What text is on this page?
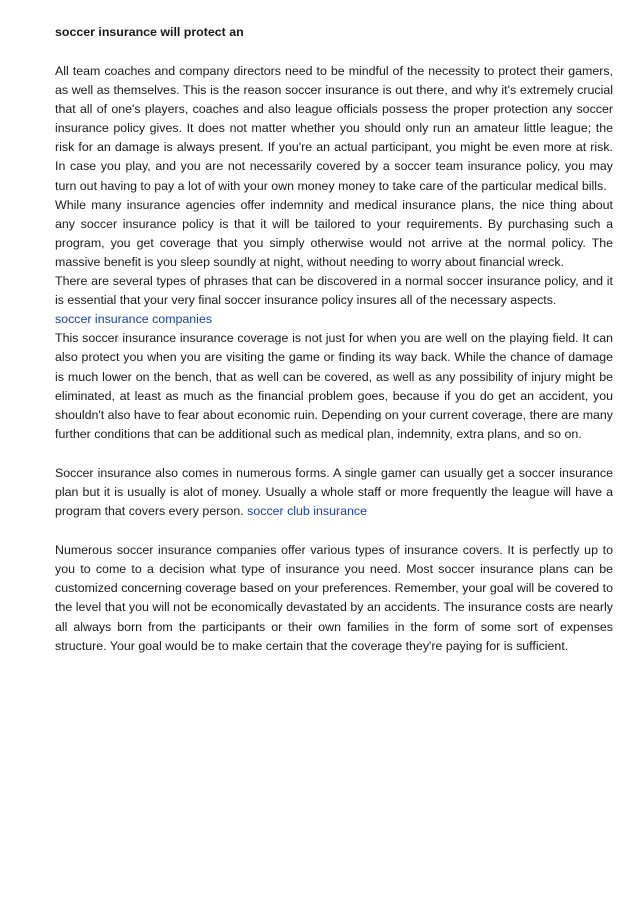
soccer insurance will protect an

All team coaches and company directors need to be mindful of the necessity to protect their gamers, as well as themselves. This is the reason soccer insurance is out there, and why it's extremely crucial that all of one's players, coaches and also league officials possess the proper protection any soccer insurance policy gives. It does not matter whether you should only run an amateur little league; the risk for an damage is always present. If you're an actual participant, you might be even more at risk. In case you play, and you are not necessarily covered by a soccer team insurance policy, you may turn out having to pay a lot of with your own money money to take care of the particular medical bills.

While many insurance agencies offer indemnity and medical insurance plans, the nice thing about any soccer insurance policy is that it will be tailored to your requirements. By purchasing such a program, you get coverage that you simply otherwise would not arrive at the normal policy. The massive benefit is you sleep soundly at night, without needing to worry about financial wreck.

There are several types of phrases that can be discovered in a normal soccer insurance policy, and it is essential that your very final soccer insurance policy insures all of the necessary aspects.

soccer insurance companies

This soccer insurance insurance coverage is not just for when you are well on the playing field. It can also protect you when you are visiting the game or finding its way back. While the chance of damage is much lower on the bench, that as well can be covered, as well as any possibility of injury might be eliminated, at least as much as the financial problem goes, because if you do get an accident, you shouldn't also have to fear about economic ruin. Depending on your current coverage, there are many further conditions that can be additional such as medical plan, indemnity, extra plans, and so on.

Soccer insurance also comes in numerous forms. A single gamer can usually get a soccer insurance plan but it is usually is alot of money. Usually a whole staff or more frequently the league will have a program that covers every person. soccer club insurance

Numerous soccer insurance companies offer various types of insurance covers. It is perfectly up to you to come to a decision what type of insurance you need. Most soccer insurance plans can be customized concerning coverage based on your preferences. Remember, your goal will be covered to the level that you will not be economically devastated by an accidents. The insurance costs are nearly all always born from the participants or their own families in the form of some sort of expenses structure. Your goal would be to make certain that the coverage they're paying for is sufficient.
